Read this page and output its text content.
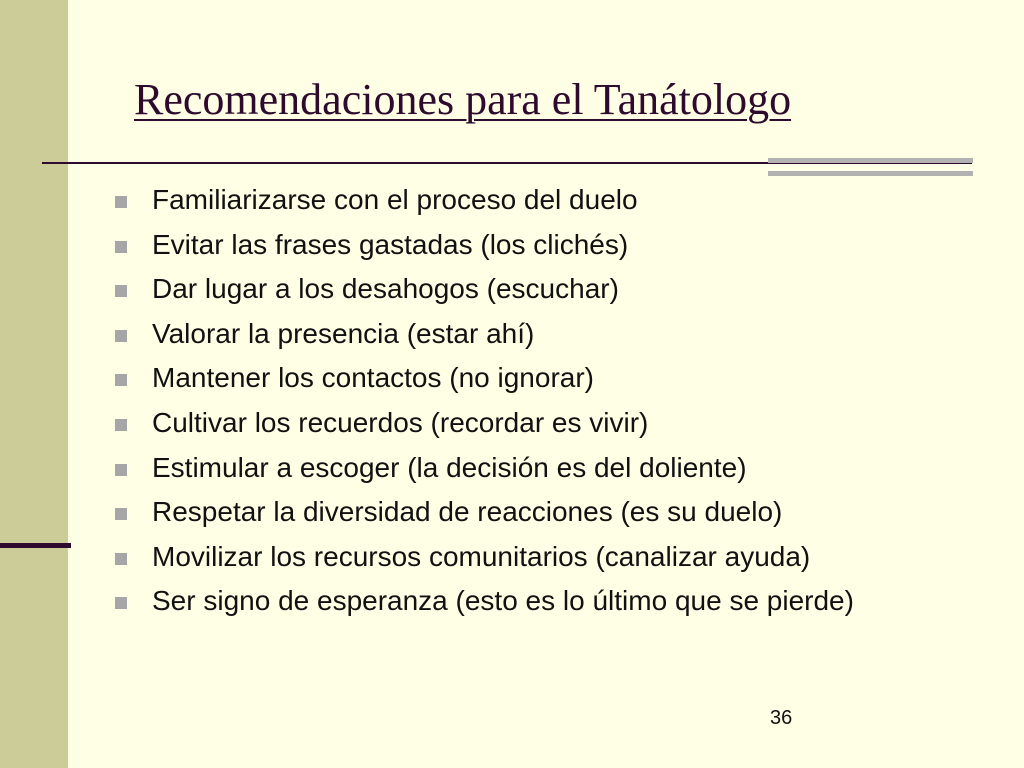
Recomendaciones para el Tanátologo
Familiarizarse con el proceso del duelo
Evitar las frases gastadas (los clichés)
Dar lugar a los desahogos (escuchar)
Valorar la presencia (estar ahí)
Mantener los contactos (no ignorar)
Cultivar los recuerdos (recordar es vivir)
Estimular a escoger (la decisión es del doliente)
Respetar la diversidad de reacciones (es su duelo)
Movilizar los recursos comunitarios (canalizar ayuda)
Ser signo de esperanza (esto es lo último que se pierde)
36
